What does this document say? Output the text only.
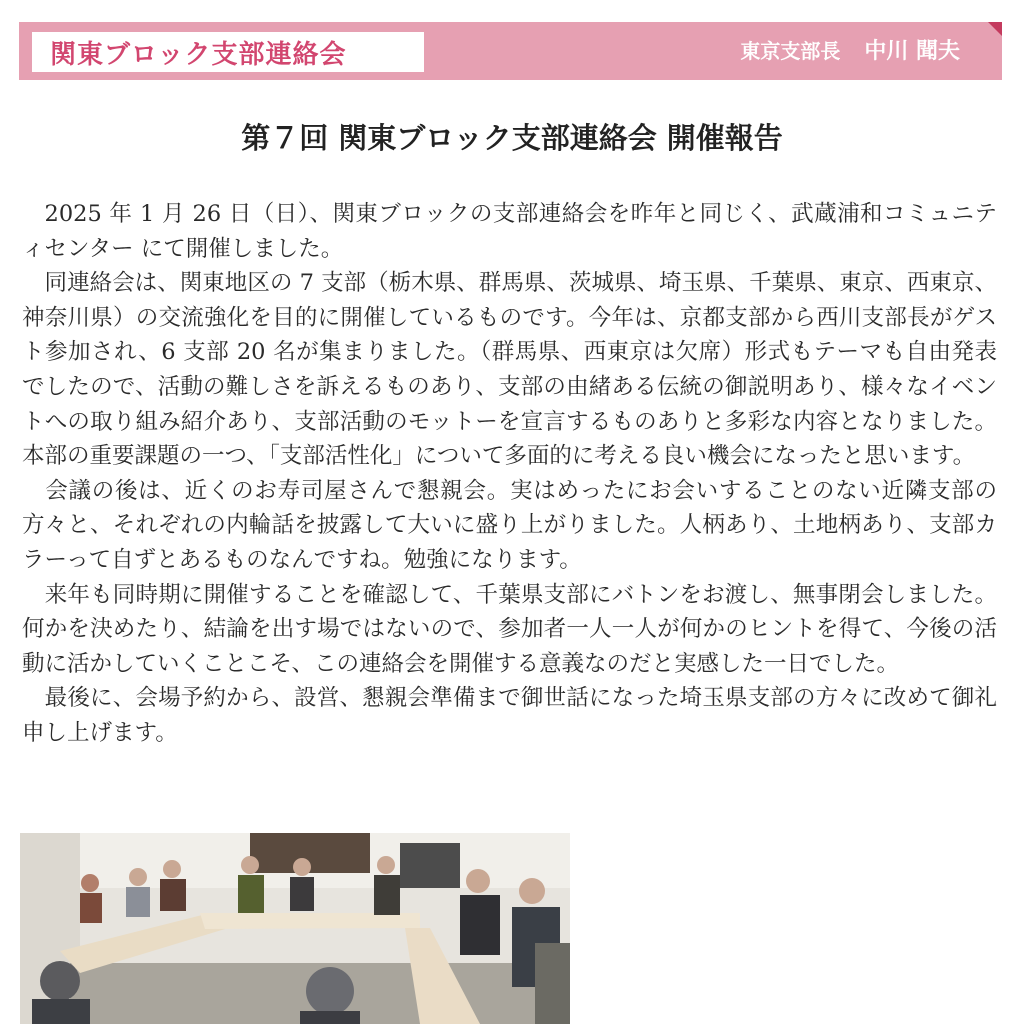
関東ブロック支部連絡会	東京支部長 中川 聞夫
第７回 関東ブロック支部連絡会 開催報告

2025 年 1 月 26 日（日）、関東ブロックの支部連絡会を昨年と同じく、武蔵浦和コミュニティセンター にて開催しました。
同連絡会は、関東地区の 7 支部（栃木県、群馬県、茨城県、埼玉県、千葉県、東京、西東京、神奈川県）の交流強化を目的に開催しているものです。今年は、京都支部から西川支部長がゲスト参加され、6 支部 20 名が集まりました。（群馬県、西東京は欠席）形式もテーマも自由発表でしたので、活動の難しさを訴えるものあり、支部の由緒ある伝統の御説明あり、様々なイベントへの取り組み紹介あり、支部活動のモットーを宣言するものありと多彩な内容となりました。本部の重要課題の一つ、「支部活性化」について多面的に考える良い機会になったと思います。
会議の後は、近くのお寿司屋さんで懇親会。実はめったにお会いすることのない近隣支部の方々と、それぞれの内輪話を披露して大いに盛り上がりました。人柄あり、土地柄あり、支部カラーって自ずとあるものなんですね。勉強になります。
来年も同時期に開催することを確認して、千葉県支部にバトンをお渡し、無事閉会しました。何かを決めたり、結論を出す場ではないので、参加者一人一人が何かのヒントを得て、今後の活動に活かしていくことこそ、この連絡会を開催する意義なのだと実感した一日でした。
最後に、会場予約から、設営、懇親会準備まで御世話になった埼玉県支部の方々に改めて御礼申し上げます。
